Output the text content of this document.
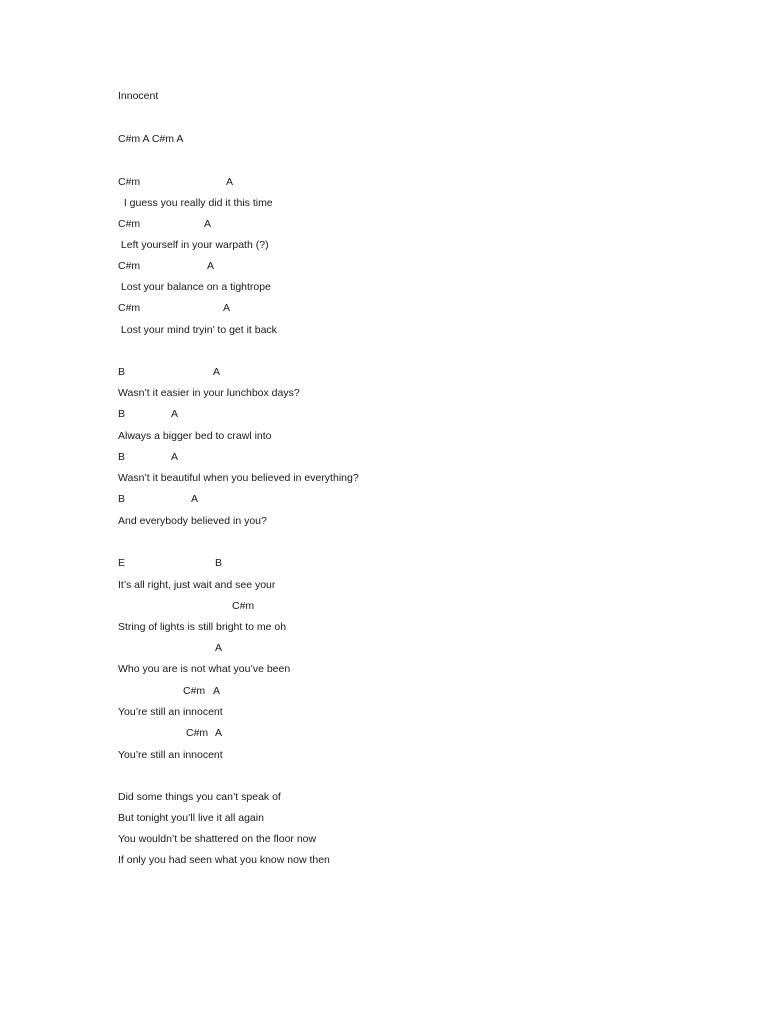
Innocent
C#m A C#m A
C#m	A
I guess you really did it this time
C#m	A
Left yourself in your warpath (?)
C#m	A
Lost your balance on a tightrope
C#m	A
Lost your mind tryin’ to get it back
B	A
Wasn’t it easier in your lunchbox days?
B	A
Always a bigger bed to crawl into
B	A
Wasn’t it beautiful when you believed in everything?
B	A
And everybody believed in you?
E	B
It’s all right, just wait and see your
C#m
String of lights is still bright to me oh
A
Who you are is not what you’ve been
C#m A
You’re still an innocent
C#m A
You’re still an innocent
Did some things you can’t speak of
But tonight you’ll live it all again
You wouldn’t be shattered on the floor now
If only you had seen what you know now then
